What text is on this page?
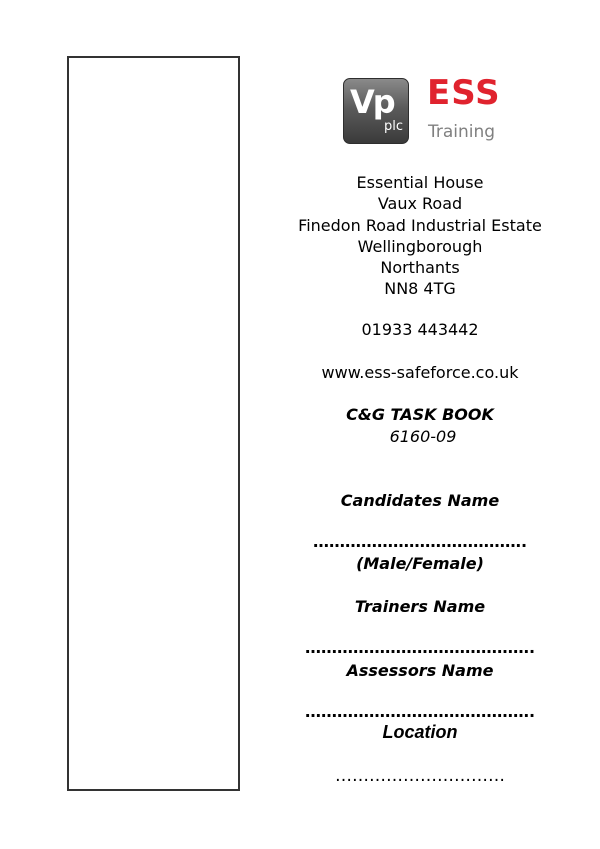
Vp
plc
ESS
Training
Essential House
Vaux Road
Finedon Road Industrial Estate
Wellingborough
Northants
NN8 4TG
01933 443442
www.ess-safeforce.co.uk
C&G TASK BOOK
6160-09
Candidates Name
………………………………….
(Male/Female)
Trainers Name
…………………………………….
Assessors Name
…………………………………….
Location
…………………………
